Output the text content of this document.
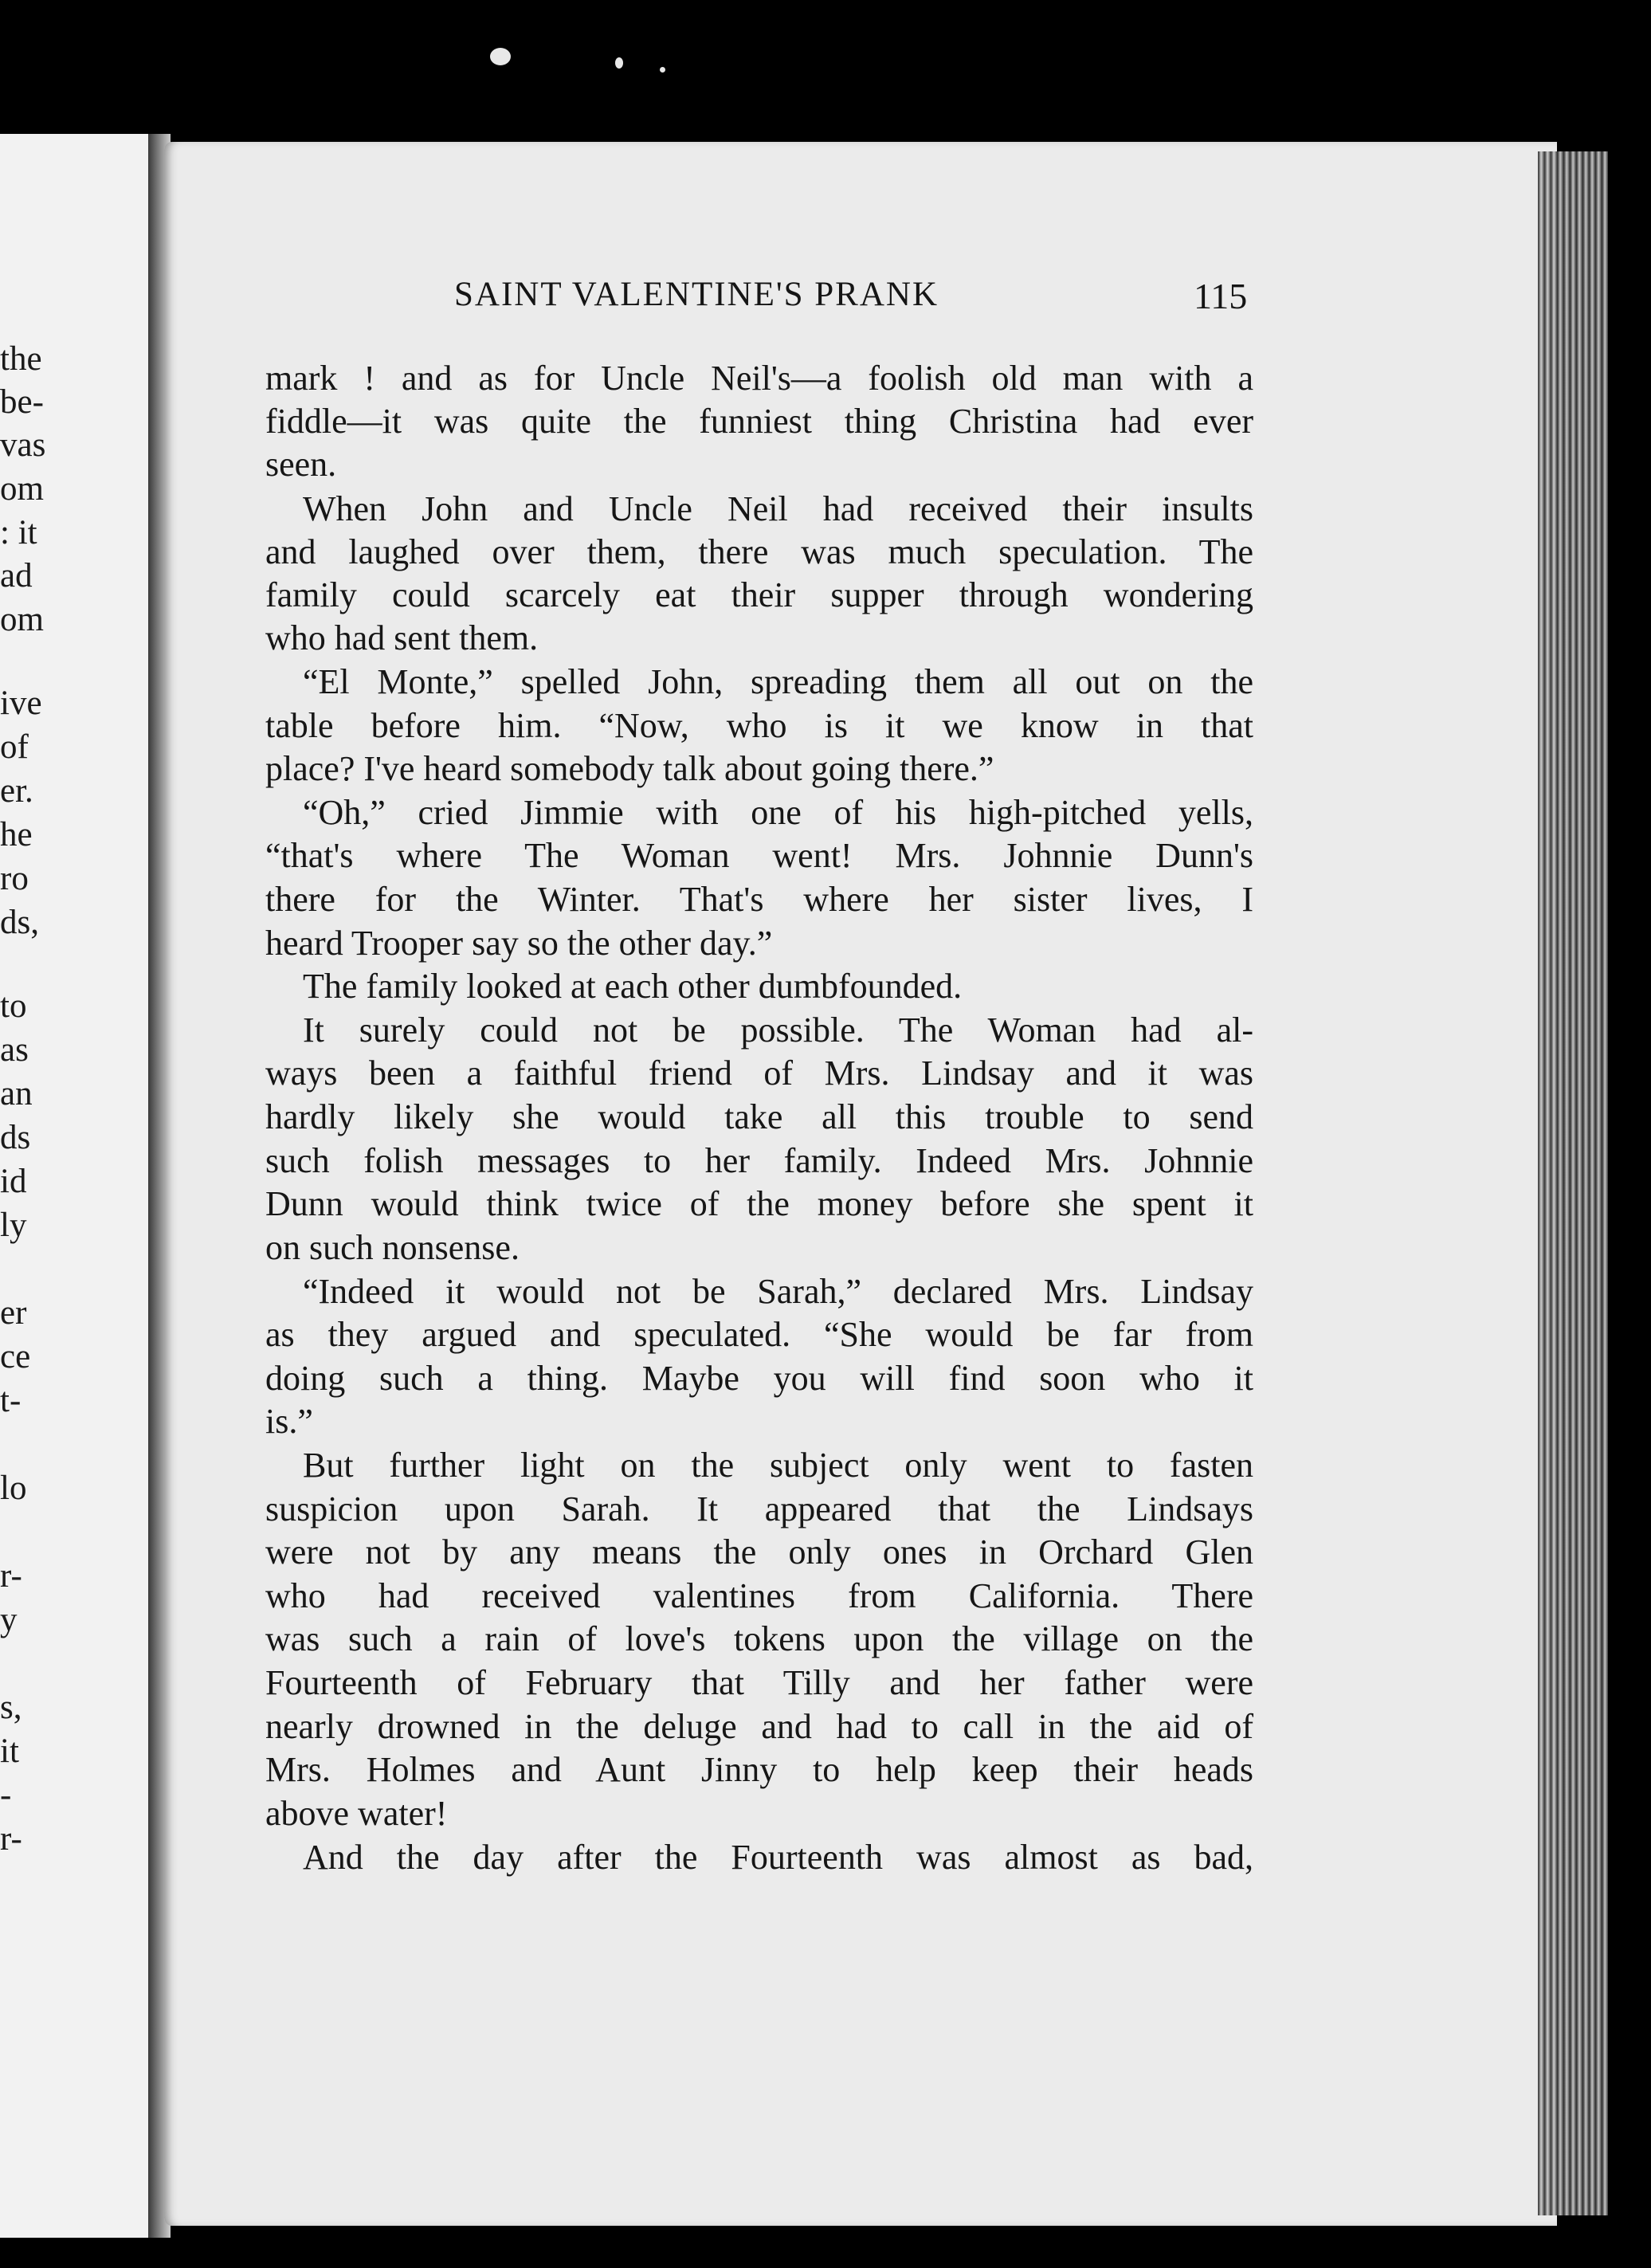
the
be-
vas
om
: it
ad
om
ive
of
er.
he
ro
ds,
to
as
an
ds
id
ly
er
ce
t-
lo
r-
y
s,
it
-
r-
SAINT VALENTINE'S PRANK	115
mark ! and as for Uncle Neil's—a foolish old man with a
fiddle—it was quite the funniest thing Christina had ever
seen.
When John and Uncle Neil had received their insults
and laughed over them, there was much speculation. The
family could scarcely eat their supper through wondering
who had sent them.
“El Monte,” spelled John, spreading them all out on the
table before him. “Now, who is it we know in that
place? I've heard somebody talk about going there.”
“Oh,” cried Jimmie with one of his high-pitched yells,
“that's where The Woman went! Mrs. Johnnie Dunn's
there for the Winter. That's where her sister lives, I
heard Trooper say so the other day.”
The family looked at each other dumbfounded.
It surely could not be possible. The Woman had al-
ways been a faithful friend of Mrs. Lindsay and it was
hardly likely she would take all this trouble to send
such folish messages to her family. Indeed Mrs. Johnnie
Dunn would think twice of the money before she spent it
on such nonsense.
“Indeed it would not be Sarah,” declared Mrs. Lindsay
as they argued and speculated. “She would be far from
doing such a thing. Maybe you will find soon who it
is.”
But further light on the subject only went to fasten
suspicion upon Sarah. It appeared that the Lindsays
were not by any means the only ones in Orchard Glen
who had received valentines from California. There
was such a rain of love's tokens upon the village on the
Fourteenth of February that Tilly and her father were
nearly drowned in the deluge and had to call in the aid of
Mrs. Holmes and Aunt Jinny to help keep their heads
above water!
And the day after the Fourteenth was almost as bad,
